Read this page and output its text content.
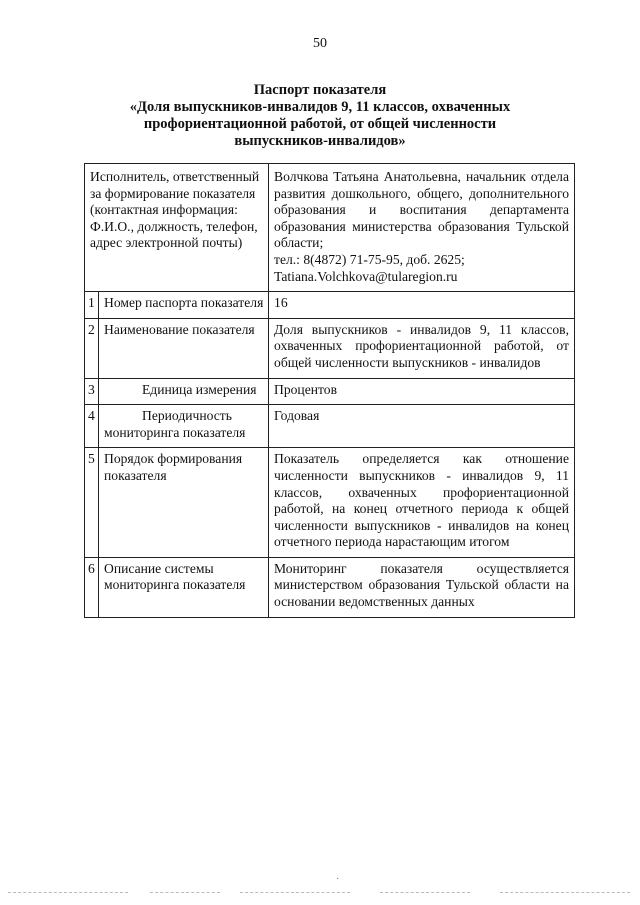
50
Паспорт показателя
«Доля выпускников-инвалидов 9, 11 классов, охваченных
профориентационной работой, от общей численности
выпускников-инвалидов»
Исполнитель, ответственный за формирование показателя (контактная информация: Ф.И.О., должность, телефон, адрес электронной почты)		Волчкова Татьяна Анатольевна, начальник отдела развития дошкольного, общего, дополнительного образования и воспитания департамента образования министерства образования Тульской области;
тел.: 8(4872) 71-75-95, доб. 2625;
Tatiana.Volchkova@tularegion.ru

1	Номер паспорта показателя	16
2	Наименование показателя	Доля выпускников - инвалидов 9, 11 классов, охваченных профориентационной работой, от общей численности выпускников - инвалидов
3	Единица измерения	Процентов
4	Периодичность мониторинга показателя	Годовая
5	Порядок формирования показателя	Показатель определяется как отношение численности выпускников - инвалидов 9, 11 классов, охваченных профориентационной работой, на конец отчетного периода к общей численности выпускников - инвалидов на конец отчетного периода нарастающим итогом
6	Описание системы мониторинга показателя	Мониторинг показателя осуществляется министерством образования Тульской области на основании ведомственных данных
·
